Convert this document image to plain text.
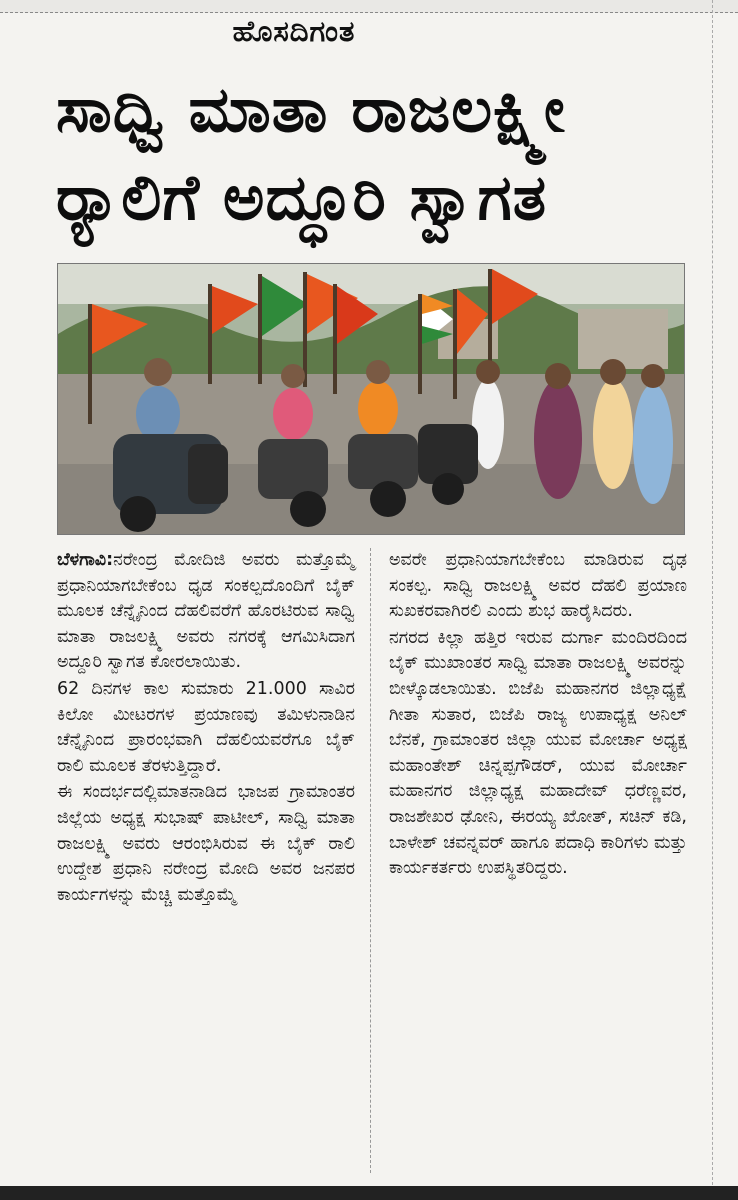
ಹೊಸದಿಗಂತ
ಸಾಧ್ವಿ ಮಾತಾ ರಾಜಲಕ್ಷ್ಮೀ
ರ್‍ಯಾಲಿಗೆ ಅದ್ಧೂರಿ ಸ್ವಾಗತ

ಬೆಳಗಾವಿ:ನರೇಂದ್ರ ಮೋದಿಜಿ ಅವರು ಮತ್ತೊಮ್ಮೆ ಪ್ರಧಾನಿಯಾಗಬೇಕೆಂಬ ಧೃಡ ಸಂಕಲ್ಪದೊಂದಿಗೆ ಬೈಕ್ ಮೂಲಕ ಚೆನ್ನೈನಿಂದ ದೆಹಲಿವರೆಗೆ ಹೊರಟಿರುವ ಸಾಧ್ವಿ ಮಾತಾ ರಾಜಲಕ್ಷ್ಮಿ ಅವರು ನಗರಕ್ಕೆ ಆಗಮಿಸಿದಾಗ ಅದ್ದೂರಿ ಸ್ವಾಗತ ಕೋರಲಾಯಿತು.

62 ದಿನಗಳ ಕಾಲ ಸುಮಾರು 21.000 ಸಾವಿರ ಕಿಲೋ ಮೀಟರಗಳ ಪ್ರಯಾಣವು ತಮಿಳುನಾಡಿನ ಚೆನ್ನೈನಿಂದ ಪ್ರಾರಂಭವಾಗಿ ದೆಹಲಿಯವರೆಗೂ ಬೈಕ್ ರಾಲಿ ಮೂಲಕ ತೆರಳುತ್ತಿದ್ದಾರೆ.

ಈ ಸಂದರ್ಭದಲ್ಲಿಮಾತನಾಡಿದ ಭಾಜಪ ಗ್ರಾಮಾಂತರ ಜಿಲ್ಲೆಯ ಅಧ್ಯಕ್ಷ ಸುಭಾಷ್ ಪಾಟೀಲ್, ಸಾಧ್ವಿ ಮಾತಾ ರಾಜಲಕ್ಷ್ಮಿ ಅವರು ಆರಂಭಿಸಿರುವ ಈ ಬೈಕ್ ರಾಲಿ ಉದ್ದೇಶ ಪ್ರಧಾನಿ ನರೇಂದ್ರ ಮೋದಿ ಅವರ ಜನಪರ ಕಾರ್ಯಗಳನ್ನು ಮೆಚ್ಚಿ ಮತ್ತೊಮ್ಮೆ

ಅವರೇ ಪ್ರಧಾನಿಯಾಗಬೇಕೆಂಬ ಮಾಡಿರುವ ದೃಢ ಸಂಕಲ್ಪ. ಸಾಧ್ವಿ ರಾಜಲಕ್ಷ್ಮಿ ಅವರ ದೆಹಲಿ ಪ್ರಯಾಣ ಸುಖಕರವಾಗಿರಲಿ ಎಂದು ಶುಭ ಹಾರೈಸಿದರು.

ನಗರದ ಕಿಲ್ಲಾ ಹತ್ತಿರ ಇರುವ ದುರ್ಗಾ ಮಂದಿರದಿಂದ ಬೈಕ್ ಮುಖಾಂತರ ಸಾಧ್ವಿ ಮಾತಾ ರಾಜಲಕ್ಷ್ಮಿ ಅವರನ್ನು ಬೀಳ್ಕೊಡಲಾಯಿತು. ಬಿಜೆಪಿ ಮಹಾನಗರ ಜಿಲ್ಲಾಧ್ಯಕ್ಷೆ ಗೀತಾ ಸುತಾರ, ಬಿಜೆಪಿ ರಾಜ್ಯ ಉಪಾಧ್ಯಕ್ಷ ಅನಿಲ್ ಬೆನಕೆ, ಗ್ರಾಮಾಂತರ ಜಿಲ್ಲಾ ಯುವ ಮೋರ್ಚಾ ಅಧ್ಯಕ್ಷ ಮಹಾಂತೇಶ್ ಚಿನ್ನಪ್ಪಗೌಡರ್, ಯುವ ಮೋರ್ಚಾ ಮಹಾನಗರ ಜಿಲ್ಲಾಧ್ಯಕ್ಷ ಮಹಾದೇವ್ ಧರೆಣ್ಣವರ, ರಾಜಶೇಖರ ಢೋನಿ, ಈರಯ್ಯ ಖೋತ್, ಸಚಿನ್ ಕಡಿ, ಬಾಳೇಶ್ ಚವನ್ನವರ್ ಹಾಗೂ ಪದಾಧಿ ಕಾರಿಗಳು ಮತ್ತು ಕಾರ್ಯಕರ್ತರು ಉಪಸ್ಥಿತರಿದ್ದರು.
